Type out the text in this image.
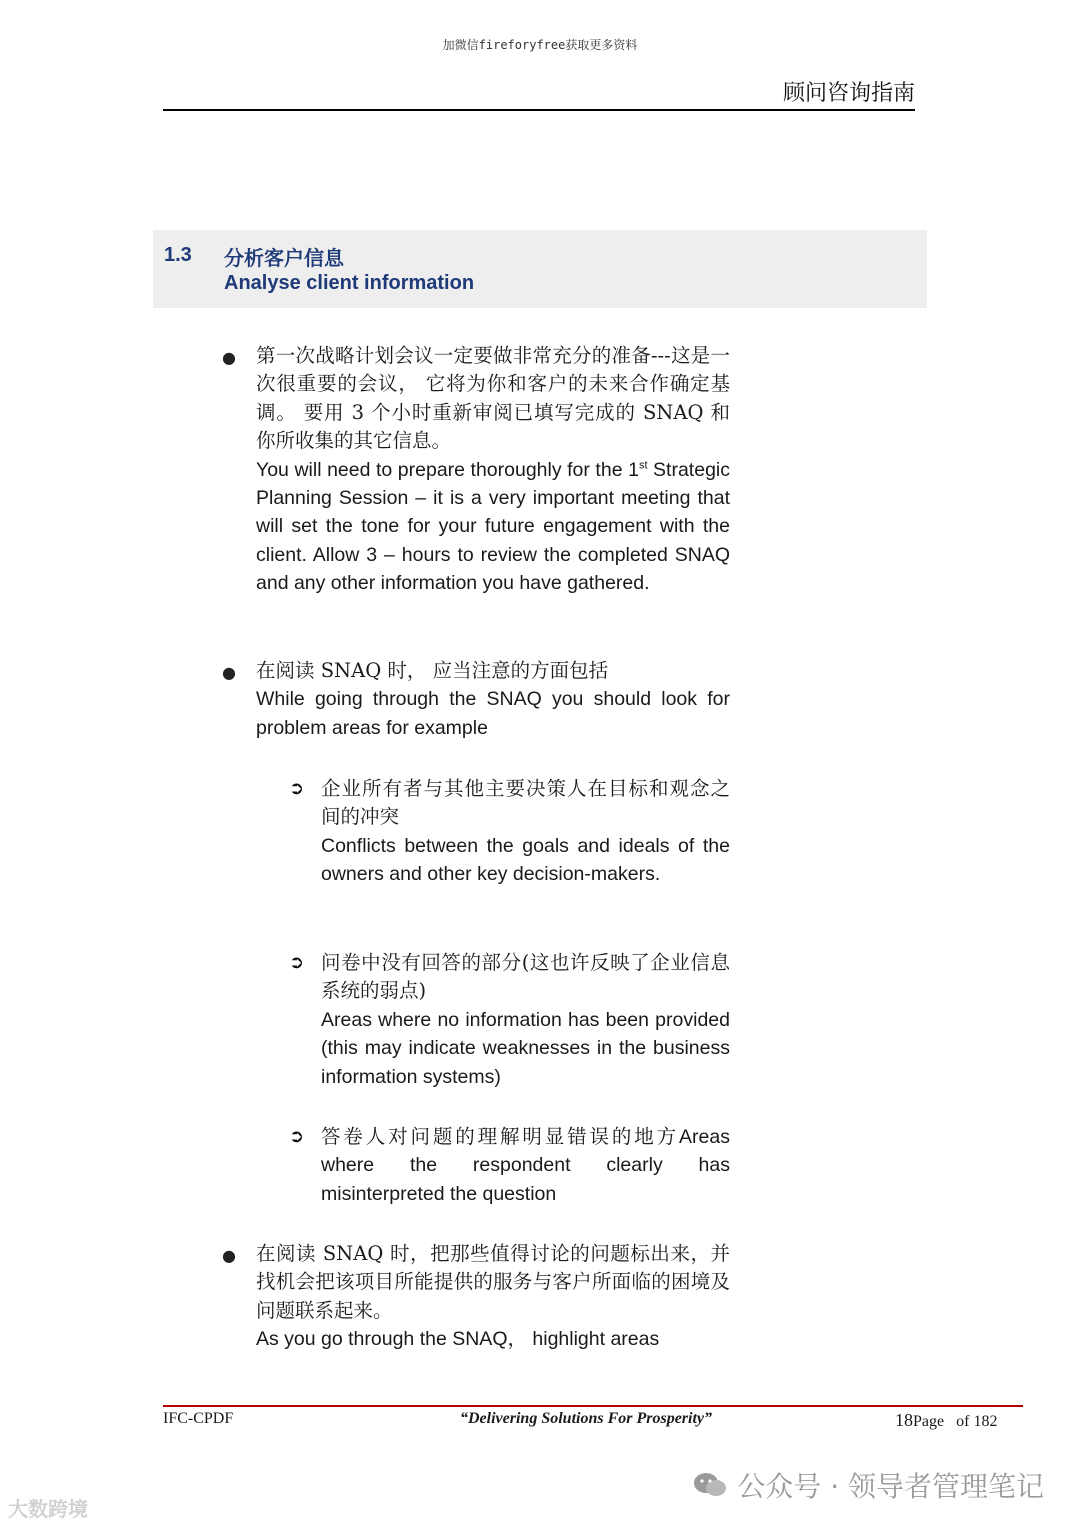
加微信fireforyfree获取更多资料
顾问咨询指南
1.3 分析客户信息
Analyse client information
● 第一次战略计划会议一定要做非常充分的准备---这是一次很重要的会议， 它将为你和客户的未来合作确定基调。 要用 3 个小时重新审阅已填写完成的 SNAQ 和你所收集的其它信息。
You will need to prepare thoroughly for the 1st Strategic Planning Session – it is a very important meeting that will set the tone for your future engagement with the client. Allow 3 – hours to review the completed SNAQ and any other information you have gathered.
● 在阅读 SNAQ 时， 应当注意的方面包括
While going through the SNAQ you should look for problem areas for example
➲ 企业所有者与其他主要决策人在目标和观念之间的冲突
Conflicts between the goals and ideals of the owners and other key decision-makers.
➲ 问卷中没有回答的部分(这也许反映了企业信息系统的弱点)
Areas where no information has been provided (this may indicate weaknesses in the business information systems)
➲ 答卷人对问题的理解明显错误的地方Areas where the respondent clearly has misinterpreted the question
● 在阅读 SNAQ 时，把那些值得讨论的问题标出来，并找机会把该项目所能提供的服务与客户所面临的困境及问题联系起来。
As you go through the SNAQ， highlight areas
IFC-CPDF	“Delivering Solutions For Prosperity”	18Page of 182
公众号 · 领导者管理笔记
大数跨境
